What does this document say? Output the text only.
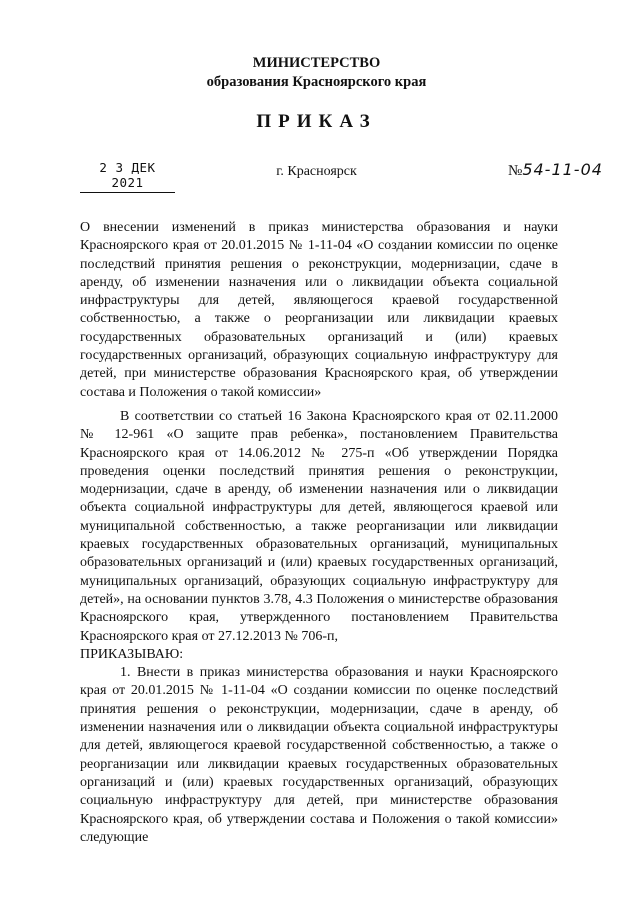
МИНИСТЕРСТВО
образования Красноярского края
ПРИКАЗ
2 3 ДЕК 2021
г. Красноярск	№54-11-04
О внесении изменений в приказ министерства образования и науки Красноярского края от 20.01.2015 № 1-11-04 «О создании комиссии по оценке последствий принятия решения о реконструкции, модернизации, сдаче в аренду, об изменении назначения или о ликвидации объекта социальной инфраструктуры для детей, являющегося краевой государственной собственностью, а также о реорганизации или ликвидации краевых государственных образовательных организаций и (или) краевых государственных организаций, образующих социальную инфраструктуру для детей, при министерстве образования Красноярского края, об утверждении состава и Положения о такой комиссии»

В соответствии со статьей 16 Закона Красноярского края от 02.11.2000 № 12-961 «О защите прав ребенка», постановлением Правительства Красноярского края от 14.06.2012 № 275-п «Об утверждении Порядка проведения оценки последствий принятия решения о реконструкции, модернизации, сдаче в аренду, об изменении назначения или о ликвидации объекта социальной инфраструктуры для детей, являющегося краевой или муниципальной собственностью, а также реорганизации или ликвидации краевых государственных образовательных организаций, муниципальных образовательных организаций и (или) краевых государственных организаций, муниципальных организаций, образующих социальную инфраструктуру для детей», на основании пунктов 3.78, 4.3 Положения о министерстве образования Красноярского края, утвержденного постановлением Правительства Красноярского края от 27.12.2013 № 706-п,

ПРИКАЗЫВАЮ:

1. Внести в приказ министерства образования и науки Красноярского края от 20.01.2015 № 1-11-04 «О создании комиссии по оценке последствий принятия решения о реконструкции, модернизации, сдаче в аренду, об изменении назначения или о ликвидации объекта социальной инфраструктуры для детей, являющегося краевой государственной собственностью, а также о реорганизации или ликвидации краевых государственных образовательных организаций и (или) краевых государственных организаций, образующих социальную инфраструктуру для детей, при министерстве образования Красноярского края, об утверждении состава и Положения о такой комиссии» следующие
